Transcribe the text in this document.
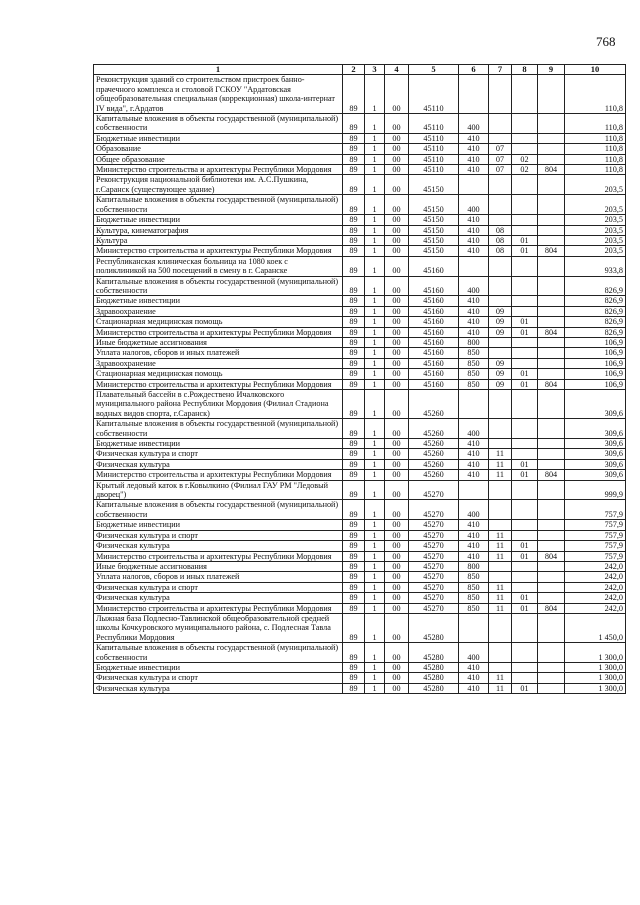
768
1	2	3	4	5	6	7	8	9	10
Реконструкция зданий со строительством пристроек банно-прачечного комплекса и столовой ГСКОУ "Ардатовская общеобразовательная специальная (коррекционная) школа-интернат IV вида", г.Ардатов	89	1	00	45110					110,8
Капитальные вложения в объекты государственной (муниципальной) собственности	89	1	00	45110	400				110,8
Бюджетные инвестиции	89	1	00	45110	410				110,8
Образование	89	1	00	45110	410	07			110,8
Общее образование	89	1	00	45110	410	07	02		110,8
Министерство строительства и архитектуры Республики Мордовия	89	1	00	45110	410	07	02	804	110,8
Реконструкция национальной библиотеки им. А.С.Пушкина, г.Саранск (существующее здание)	89	1	00	45150					203,5
Капитальные вложения в объекты государственной (муниципальной) собственности	89	1	00	45150	400				203,5
Бюджетные инвестиции	89	1	00	45150	410				203,5
Культура, кинематография	89	1	00	45150	410	08			203,5
Культура	89	1	00	45150	410	08	01		203,5
Министерство строительства и архитектуры Республики Мордовия	89	1	00	45150	410	08	01	804	203,5
Республиканская клиническая больница на 1080 коек с поликлиникой на 500 посещений в смену в г. Саранске	89	1	00	45160					933,8
Капитальные вложения в объекты государственной (муниципальной) собственности	89	1	00	45160	400				826,9
Бюджетные инвестиции	89	1	00	45160	410				826,9
Здравоохранение	89	1	00	45160	410	09			826,9
Стационарная медицинская помощь	89	1	00	45160	410	09	01		826,9
Министерство строительства и архитектуры Республики Мордовия	89	1	00	45160	410	09	01	804	826,9
Иные бюджетные ассигнования	89	1	00	45160	800				106,9
Уплата налогов, сборов и иных платежей	89	1	00	45160	850				106,9
Здравоохранение	89	1	00	45160	850	09			106,9
Стационарная медицинская помощь	89	1	00	45160	850	09	01		106,9
Министерство строительства и архитектуры Республики Мордовия	89	1	00	45160	850	09	01	804	106,9
Плавательный бассейн в с.Рождествено Ичалковского муниципального района Республики Мордовия (Филиал Стадиона водных видов спорта, г.Саранск)	89	1	00	45260					309,6
Капитальные вложения в объекты государственной (муниципальной) собственности	89	1	00	45260	400				309,6
Бюджетные инвестиции	89	1	00	45260	410				309,6
Физическая культура и спорт	89	1	00	45260	410	11			309,6
Физическая культура	89	1	00	45260	410	11	01		309,6
Министерство строительства и архитектуры Республики Мордовия	89	1	00	45260	410	11	01	804	309,6
Крытый ледовый каток в г.Ковылкино (Филиал ГАУ РМ "Ледовый дворец")	89	1	00	45270					999,9
Капитальные вложения в объекты государственной (муниципальной) собственности	89	1	00	45270	400				757,9
Бюджетные инвестиции	89	1	00	45270	410				757,9
Физическая культура и спорт	89	1	00	45270	410	11			757,9
Физическая культура	89	1	00	45270	410	11	01		757,9
Министерство строительства и архитектуры Республики Мордовия	89	1	00	45270	410	11	01	804	757,9
Иные бюджетные ассигнования	89	1	00	45270	800				242,0
Уплата налогов, сборов и иных платежей	89	1	00	45270	850				242,0
Физическая культура и спорт	89	1	00	45270	850	11			242,0
Физическая культура	89	1	00	45270	850	11	01		242,0
Министерство строительства и архитектуры Республики Мордовия	89	1	00	45270	850	11	01	804	242,0
Лыжная база Подлесно-Тавлинской общеобразовательной средней школы Кочкуровского муниципального района, с. Подлесная Тавла Республики Мордовия	89	1	00	45280					1 450,0
Капитальные вложения в объекты государственной (муниципальной) собственности	89	1	00	45280	400				1 300,0
Бюджетные инвестиции	89	1	00	45280	410				1 300,0
Физическая культура и спорт	89	1	00	45280	410	11			1 300,0
Физическая культура	89	1	00	45280	410	11	01		1 300,0
